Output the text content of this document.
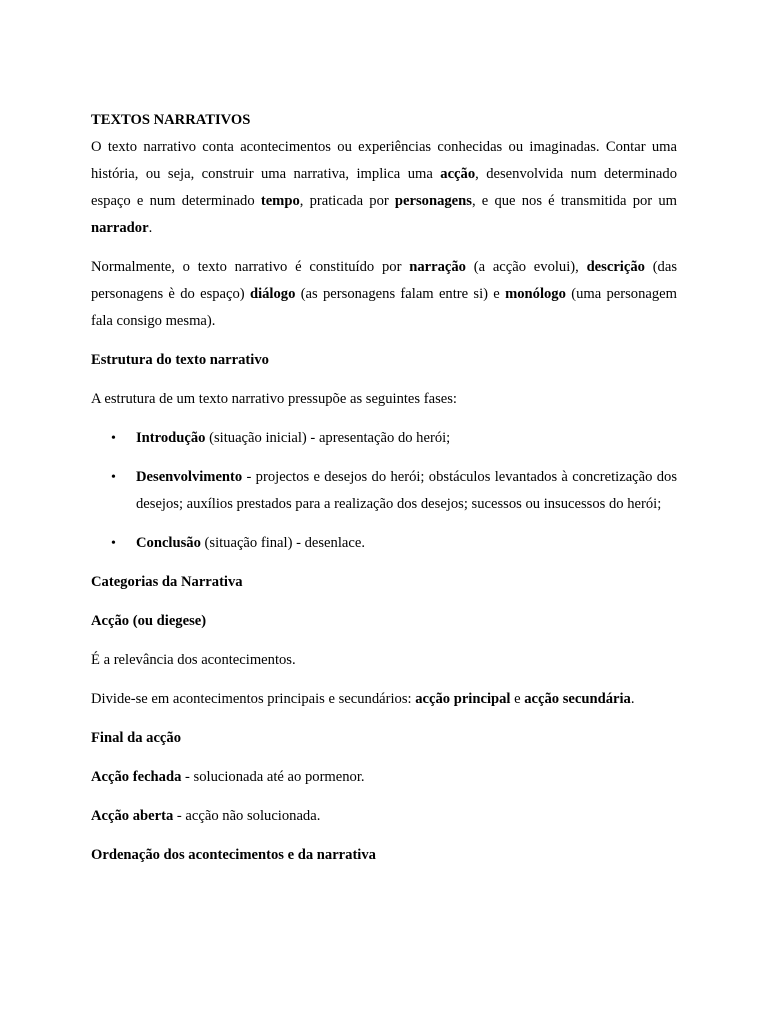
TEXTOS NARRATIVOS

O texto narrativo conta acontecimentos ou experiências conhecidas ou imaginadas. Contar uma história, ou seja, construir uma narrativa, implica uma acção, desenvolvida num determinado espaço e num determinado tempo, praticada por personagens, e que nos é transmitida por um narrador.

Normalmente, o texto narrativo é constituído por narração (a acção evolui), descrição (das personagens è do espaço) diálogo (as personagens falam entre si) e monólogo (uma personagem fala consigo mesma).

Estrutura do texto narrativo

A estrutura de um texto narrativo pressupõe as seguintes fases:

• Introdução (situação inicial) - apresentação do herói;
• Desenvolvimento - projectos e desejos do herói; obstáculos levantados à concretização dos desejos; auxílios prestados para a realização dos desejos; sucessos ou insucessos do herói;
• Conclusão (situação final) - desenlace.

Categorias da Narrativa

Acção (ou diegese)

É a relevância dos acontecimentos.

Divide-se em acontecimentos principais e secundários: acção principal e acção secundária.

Final da acção

Acção fechada - solucionada até ao pormenor.

Acção aberta - acção não solucionada.

Ordenação dos acontecimentos e da narrativa
